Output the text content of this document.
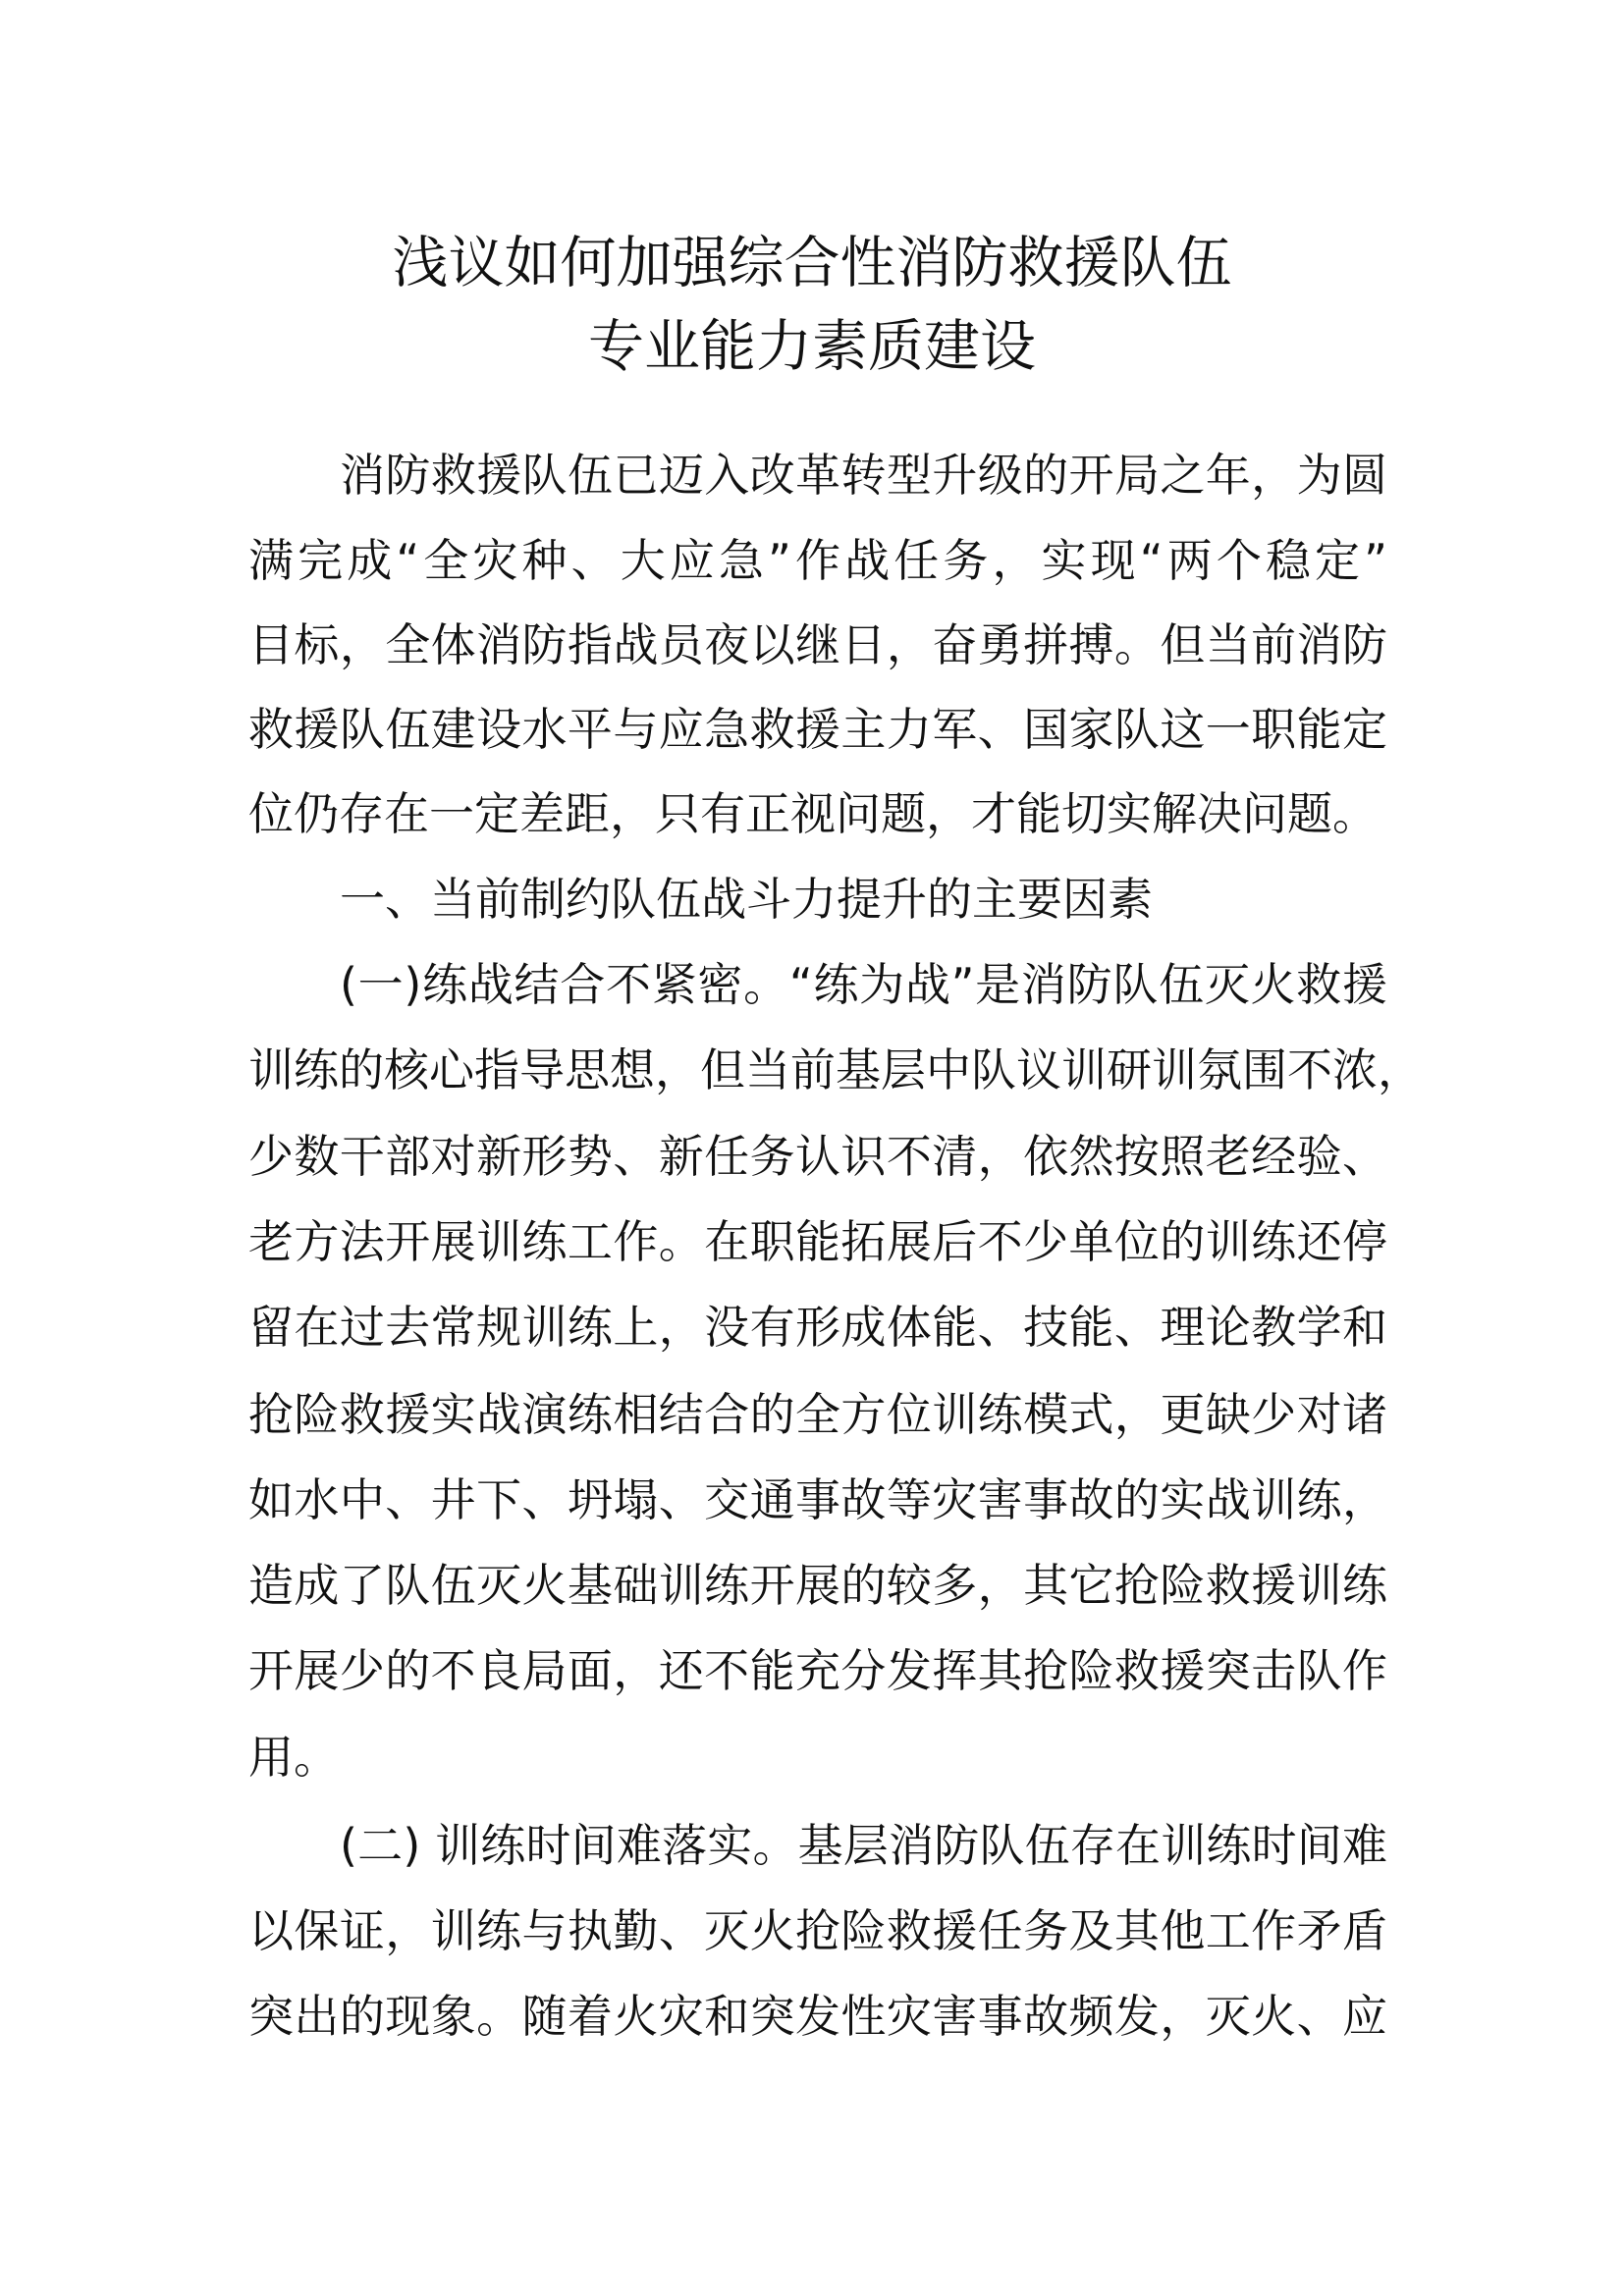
浅议如何加强综合性消防救援队伍
专业能力素质建设
消防救援队伍已迈入改革转型升级的开局之年，为圆
满完成“全灾种、大应急”作战任务，实现“两个稳定”
目标，全体消防指战员夜以继日，奋勇拼搏。但当前消防
救援队伍建设水平与应急救援主力军、国家队这一职能定
位仍存在一定差距，只有正视问题，才能切实解决问题。
一、当前制约队伍战斗力提升的主要因素
(一)练战结合不紧密。“练为战”是消防队伍灭火救援
训练的核心指导思想，但当前基层中队议训研训氛围不浓，
少数干部对新形势、新任务认识不清，依然按照老经验、
老方法开展训练工作。在职能拓展后不少单位的训练还停
留在过去常规训练上，没有形成体能、技能、理论教学和
抢险救援实战演练相结合的全方位训练模式，更缺少对诸
如水中、井下、坍塌、交通事故等灾害事故的实战训练，
造成了队伍灭火基础训练开展的较多，其它抢险救援训练
开展少的不良局面，还不能充分发挥其抢险救援突击队作
用。
(二) 训练时间难落实。基层消防队伍存在训练时间难
以保证，训练与执勤、灭火抢险救援任务及其他工作矛盾
突出的现象。随着火灾和突发性灾害事故频发，灭火、应
